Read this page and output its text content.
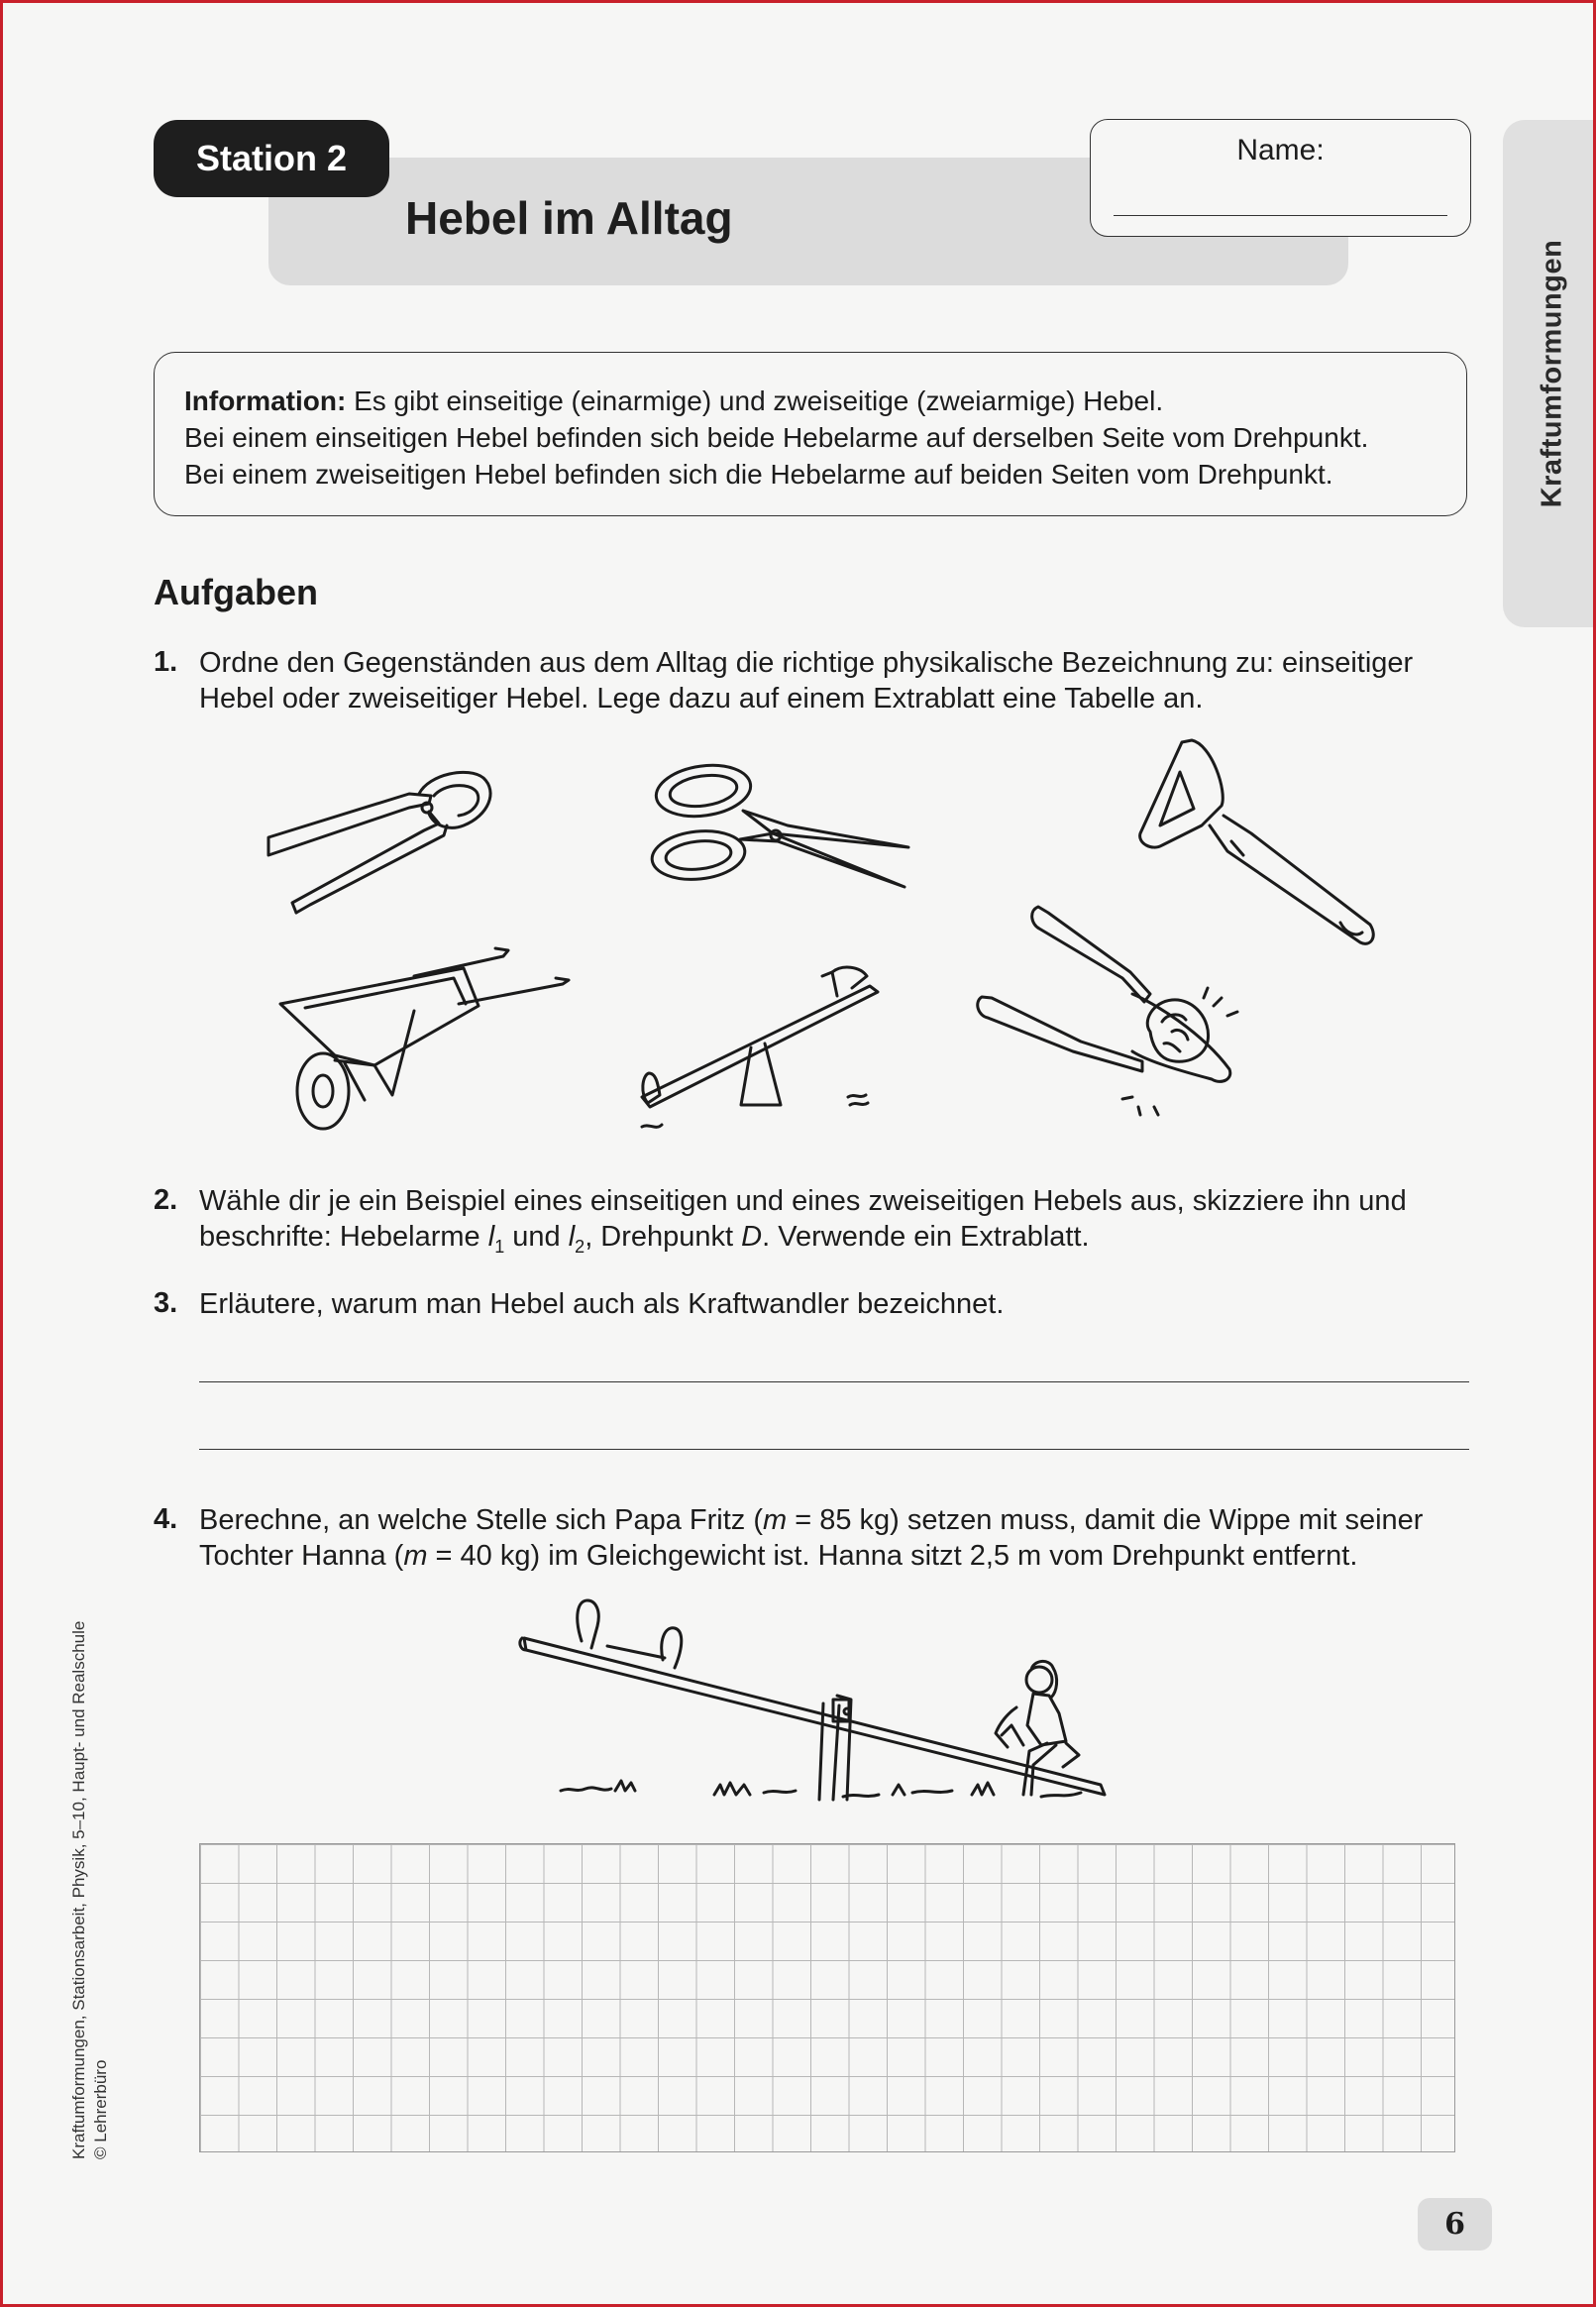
Station 2
Hebel im Alltag
Name:
Kraftumformungen

Information: Es gibt einseitige (einarmige) und zweiseitige (zweiarmige) Hebel.

Bei einem einseitigen Hebel befinden sich beide Hebelarme auf derselben Seite vom Drehpunkt.

Bei einem zweiseitigen Hebel befinden sich die Hebelarme auf beiden Seiten vom Drehpunkt.

Aufgaben
1. Ordne den Gegenständen aus dem Alltag die richtige physikalische Bezeichnung zu: einseitiger
Hebel oder zweiseitiger Hebel. Lege dazu auf einem Extrablatt eine Tabelle an.
2. Wähle dir je ein Beispiel eines einseitigen und eines zweiseitigen Hebels aus, skizziere ihn und
beschrifte: Hebelarme $l_1$ und $l_2$, Drehpunkt D. Verwende ein Extrablatt.
3. Erläutere, warum man Hebel auch als Kraftwandler bezeichnet.
4. Berechne, an welche Stelle sich Papa Fritz (m = 85 kg) setzen muss, damit die Wippe mit seiner
Tochter Hanna (m = 40 kg) im Gleichgewicht ist. Hanna sitzt 2,5 m vom Drehpunkt entfernt.
Kraftumformungen, Stationsarbeit, Physik, 5–10, Haupt- und Realschule © Lehrerbüro
6
